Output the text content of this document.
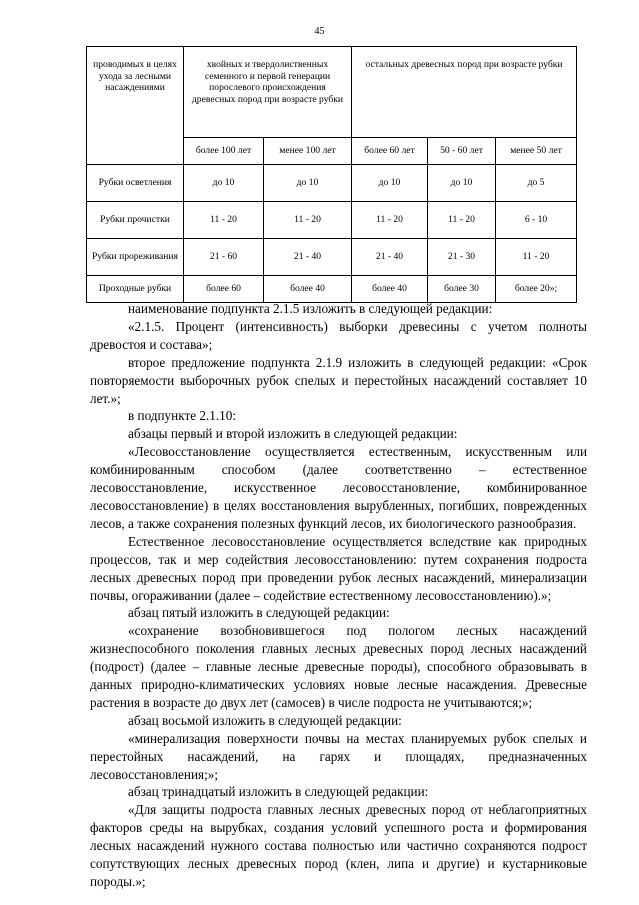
45
проводимых в целях ухода за лесными насаждениями	хвойных и твердолиственных семенного и первой генерации порослевого происхождения древесных пород при возрасте рубки		остальных древесных пород при возрасте рубки		
	более 100 лет	менее 100 лет	более 60 лет	50 - 60 лет	менее 50 лет
Рубки осветления	до 10	до 10	до 10	до 10	до 5
Рубки прочистки	11 - 20	11 - 20	11 - 20	11 - 20	6 - 10
Рубки прореживания	21 - 60	21 - 40	21 - 40	21 - 30	11 - 20
Проходные рубки	более 60	более 40	более 40	более 30	более 20»;

наименование подпункта 2.1.5 изложить в следующей редакции:

«2.1.5. Процент (интенсивность) выборки древесины с учетом полноты древостоя и состава»;

второе предложение подпункта 2.1.9 изложить в следующей редакции: «Срок повторяемости выборочных рубок спелых и перестойных насаждений составляет 10 лет.»;

в подпункте 2.1.10:

абзацы первый и второй изложить в следующей редакции:

«Лесовосстановление осуществляется естественным, искусственным или комбинированным способом (далее соответственно – естественное лесовосстановление, искусственное лесовосстановление, комбинированное лесовосстановление) в целях восстановления вырубленных, погибших, поврежденных лесов, а также сохранения полезных функций лесов, их биологического разнообразия.

Естественное лесовосстановление осуществляется вследствие как природных процессов, так и мер содействия лесовосстановлению: путем сохранения подроста лесных древесных пород при проведении рубок лесных насаждений, минерализации почвы, огораживании (далее – содействие естественному лесовосстановлению).»;

абзац пятый изложить в следующей редакции:

«сохранение возобновившегося под пологом лесных насаждений жизнеспособного поколения главных лесных древесных пород лесных насаждений (подрост) (далее – главные лесные древесные породы), способного образовывать в данных природно-климатических условиях новые лесные насаждения. Древесные растения в возрасте до двух лет (самосев) в числе подроста не учитываются;»;

абзац восьмой изложить в следующей редакции:

«минерализация поверхности почвы на местах планируемых рубок спелых и перестойных насаждений, на гарях и площадях, предназначенных лесовосстановления;»;

абзац тринадцатый изложить в следующей редакции:

«Для защиты подроста главных лесных древесных пород от неблагоприятных факторов среды на вырубках, создания условий успешного роста и формирования лесных насаждений нужного состава полностью или частично сохраняются подрост сопутствующих лесных древесных пород (клен, липа и другие) и кустарниковые породы.»;
